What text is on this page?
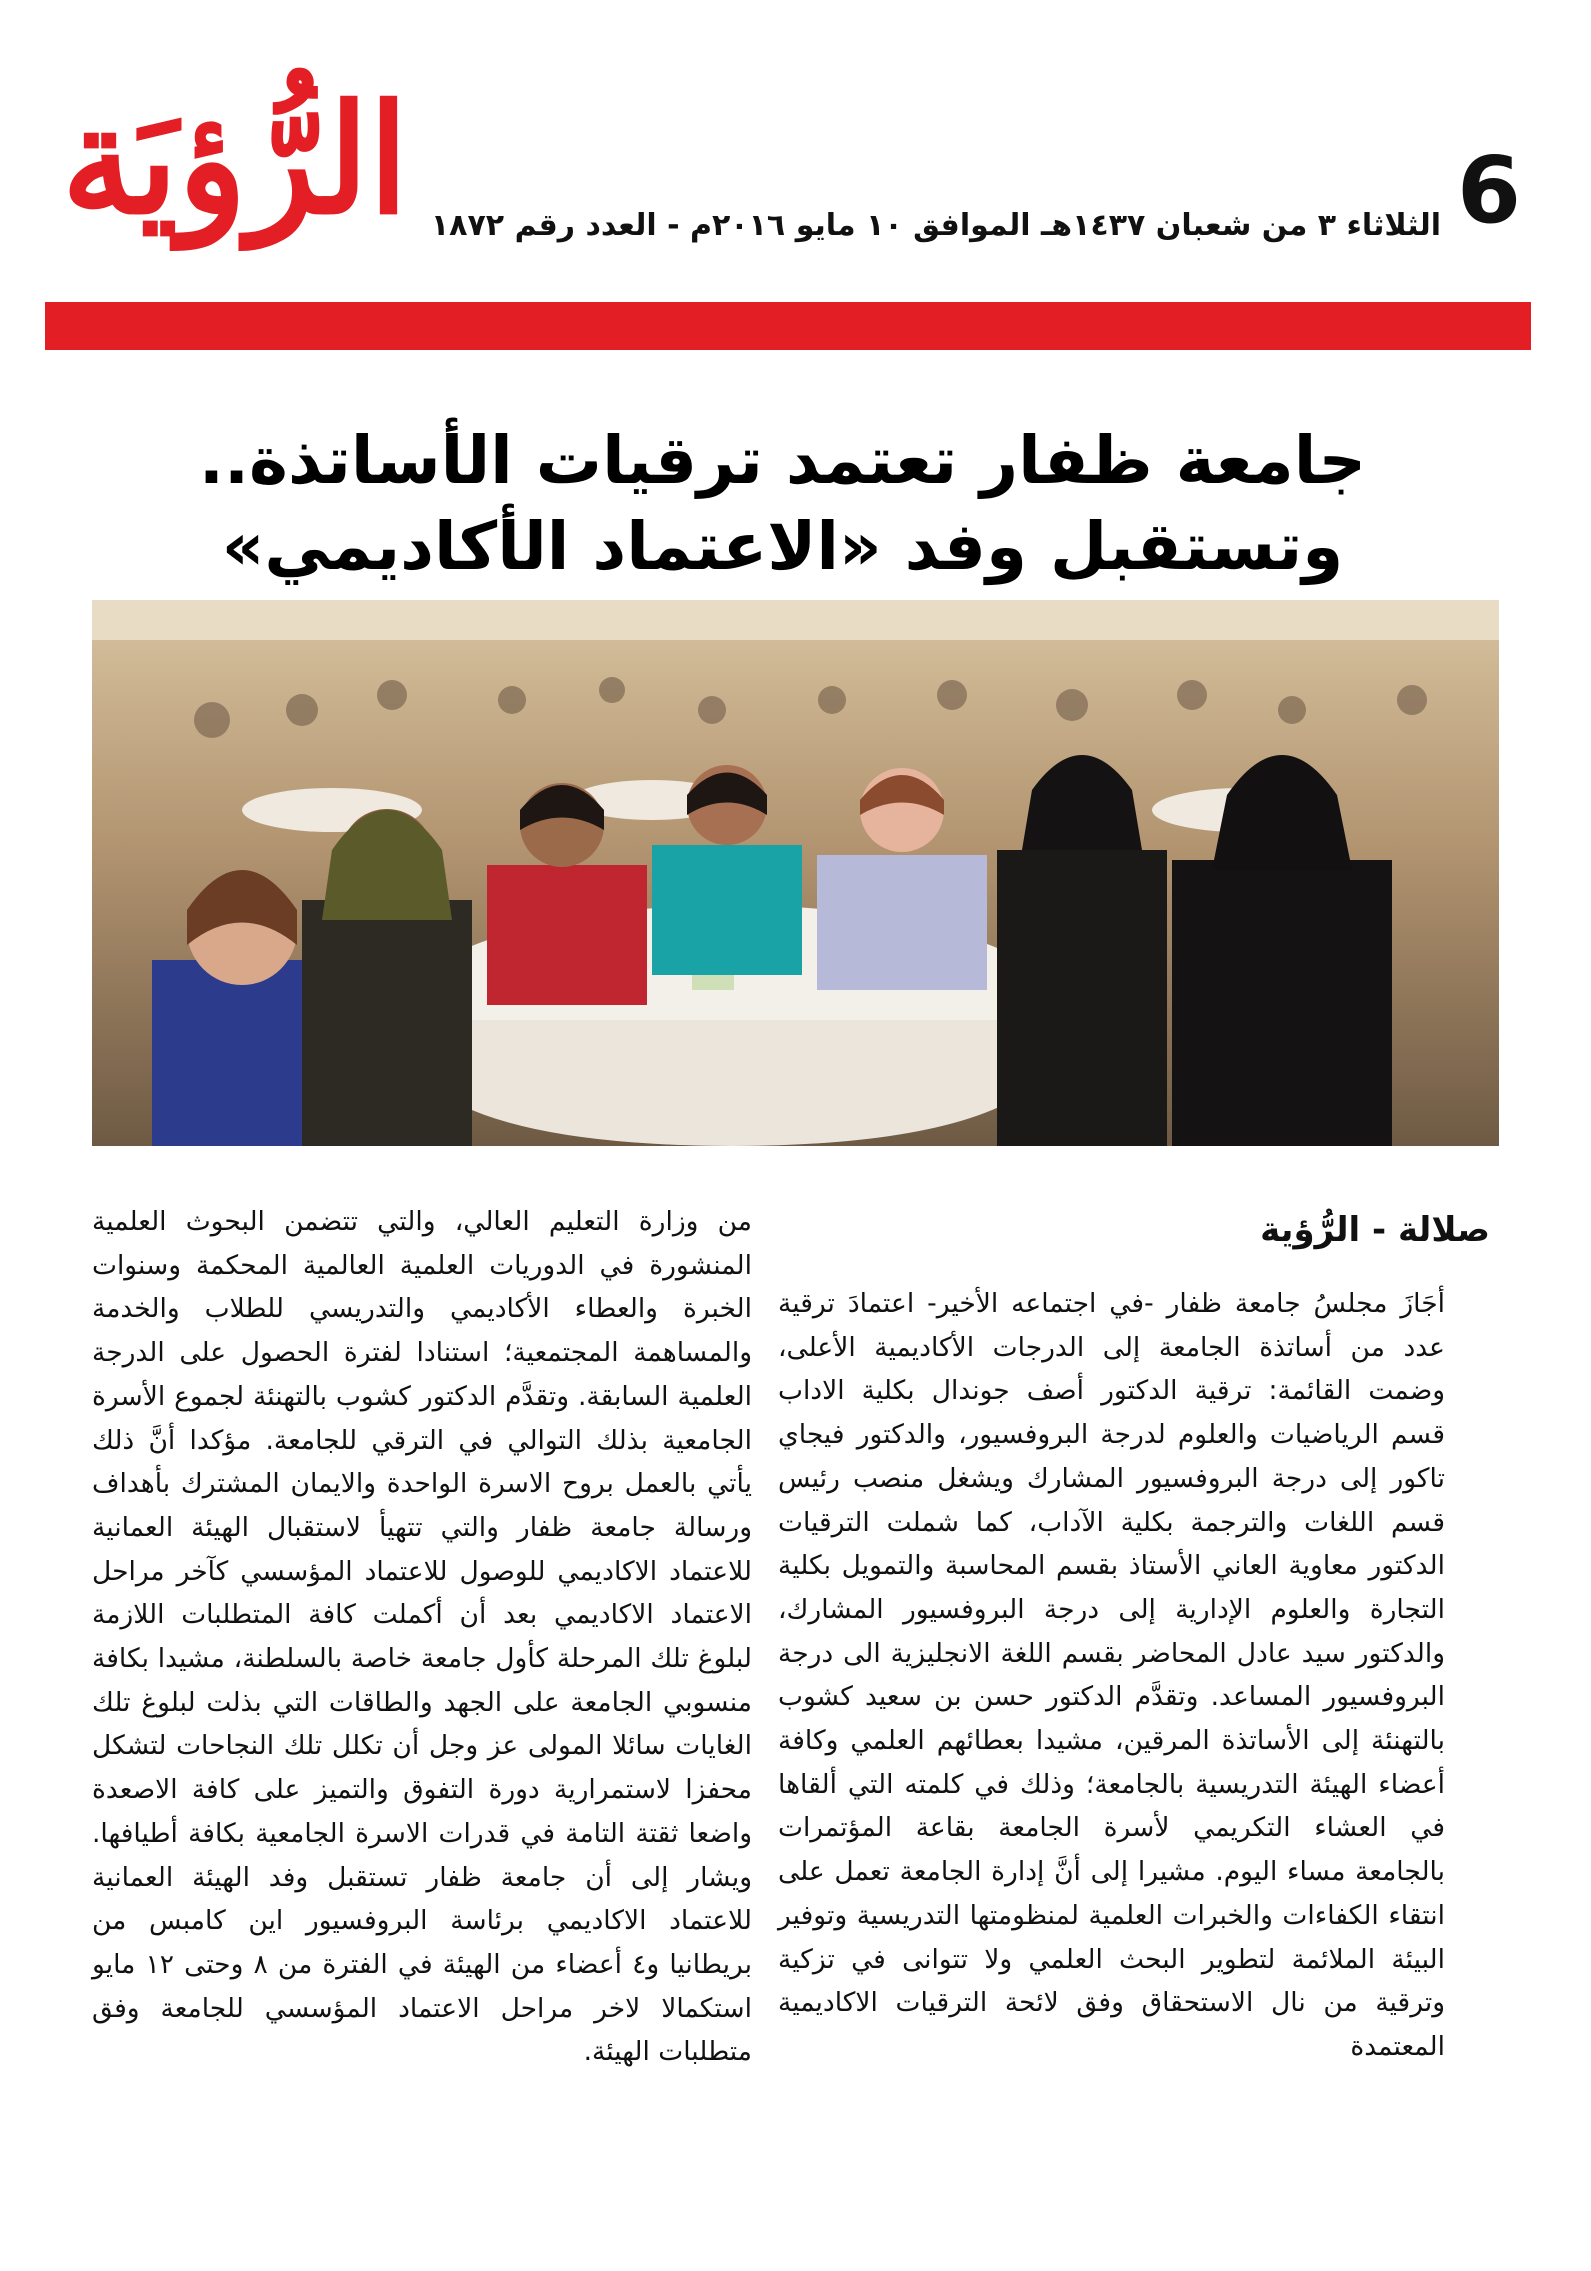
الرُّؤيَة	6
الثلاثاء ٣ من شعبان ١٤٣٧هـ الموافق ١٠ مايو ٢٠١٦م - العدد رقم ١٨٧٢
جامعة ظفار تعتمد ترقيات الأساتذة.. وتستقبل وفد «الاعتماد الأكاديمي»
صلالة - الرُّؤية

أجَازَ مجلسُ جامعة ظفار -في اجتماعه الأخير- اعتمادَ ترقية عدد من أساتذة الجامعة إلى الدرجات الأكاديمية الأعلى، وضمت القائمة: ترقية الدكتور أصف جوندال بكلية الاداب قسم الرياضيات والعلوم لدرجة البروفسيور، والدكتور فيجاي تاكور إلى درجة البروفسيور المشارك ويشغل منصب رئيس قسم اللغات والترجمة بكلية الآداب، كما شملت الترقيات الدكتور معاوية العاني الأستاذ بقسم المحاسبة والتمويل بكلية التجارة والعلوم الإدارية إلى درجة البروفسيور المشارك، والدكتور سيد عادل المحاضر بقسم اللغة الانجليزية الى درجة البروفسيور المساعد. وتقدَّم الدكتور حسن بن سعيد كشوب بالتهنئة إلى الأساتذة المرقين، مشيدا بعطائهم العلمي وكافة أعضاء الهيئة التدريسية بالجامعة؛ وذلك في كلمته التي ألقاها في العشاء التكريمي لأسرة الجامعة بقاعة المؤتمرات بالجامعة مساء اليوم. مشيرا إلى أنَّ إدارة الجامعة تعمل على انتقاء الكفاءات والخبرات العلمية لمنظومتها التدريسية وتوفير البيئة الملائمة لتطوير البحث العلمي ولا تتوانى في تزكية وترقية من نال الاستحقاق وفق لائحة الترقيات الاكاديمية المعتمدة

من وزارة التعليم العالي، والتي تتضمن البحوث العلمية المنشورة في الدوريات العلمية العالمية المحكمة وسنوات الخبرة والعطاء الأكاديمي والتدريسي للطلاب والخدمة والمساهمة المجتمعية؛ استنادا لفترة الحصول على الدرجة العلمية السابقة. وتقدَّم الدكتور كشوب بالتهنئة لجموع الأسرة الجامعية بذلك التوالي في الترقي للجامعة. مؤكدا أنَّ ذلك يأتي بالعمل بروح الاسرة الواحدة والايمان المشترك بأهداف ورسالة جامعة ظفار والتي تتهيأ لاستقبال الهيئة العمانية للاعتماد الاكاديمي للوصول للاعتماد المؤسسي كآخر مراحل الاعتماد الاكاديمي بعد أن أكملت كافة المتطلبات اللازمة لبلوغ تلك المرحلة كأول جامعة خاصة بالسلطنة، مشيدا بكافة منسوبي الجامعة على الجهد والطاقات التي بذلت لبلوغ تلك الغايات سائلا المولى عز وجل أن تكلل تلك النجاحات لتشكل محفزا لاستمرارية دورة التفوق والتميز على كافة الاصعدة واضعا ثقتة التامة في قدرات الاسرة الجامعية بكافة أطيافها. ويشار إلى أن جامعة ظفار تستقبل وفد الهيئة العمانية للاعتماد الاكاديمي برئاسة البروفسيور اين كامبس من بريطانيا و٤ أعضاء من الهيئة في الفترة من ٨ وحتى ١٢ مايو استكمالا لاخر مراحل الاعتماد المؤسسي للجامعة وفق متطلبات الهيئة.
